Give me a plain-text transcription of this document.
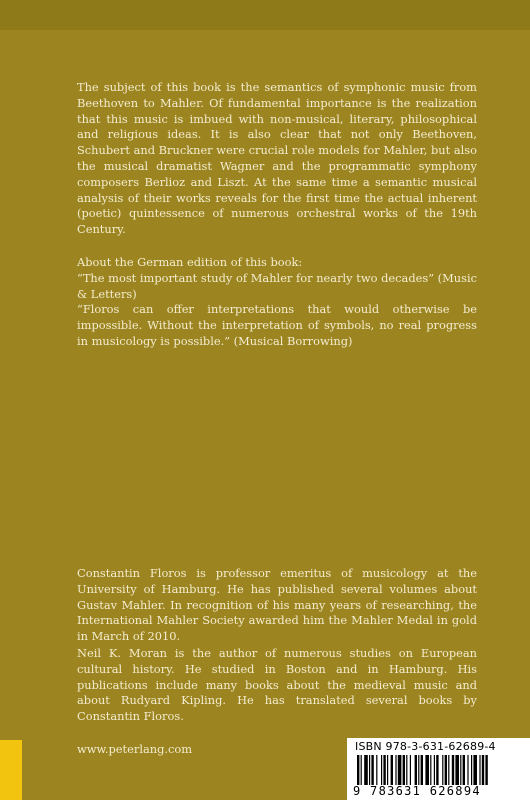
The subject of this book is the semantics of symphonic music from Beethoven to Mahler. Of fundamental importance is the realization that this music is imbued with non-musical, literary, philosophical and religious ideas. It is also clear that not only Beethoven, Schubert and Bruckner were crucial role models for Mahler, but also the musical dramatist Wagner and the programmatic symphony composers Berlioz and Liszt. At the same time a semantic musical analysis of their works reveals for the first time the actual inherent (poetic) quintessence of numerous orchestral works of the 19th Century.

About the German edition of this book:

“The most important study of Mahler for nearly two decades” (Music & Letters)

“Floros can offer interpretations that would otherwise be impossible. Without the interpretation of symbols, no real progress in musicology is possible.” (Musical Borrowing)

Constantin Floros is professor emeritus of musicology at the University of Hamburg. He has published several volumes about Gustav Mahler. In recognition of his many years of researching, the International Mahler Society awarded him the Mahler Medal in gold in March of 2010.

Neil K. Moran is the author of numerous studies on European cultural history. He studied in Boston and in Hamburg. His publications include many books about the medieval music and about Rudyard Kipling. He has translated several books by Constantin Floros.

www.peterlang.com	ISBN 978-3-631-62689-4
9 783631 626894
